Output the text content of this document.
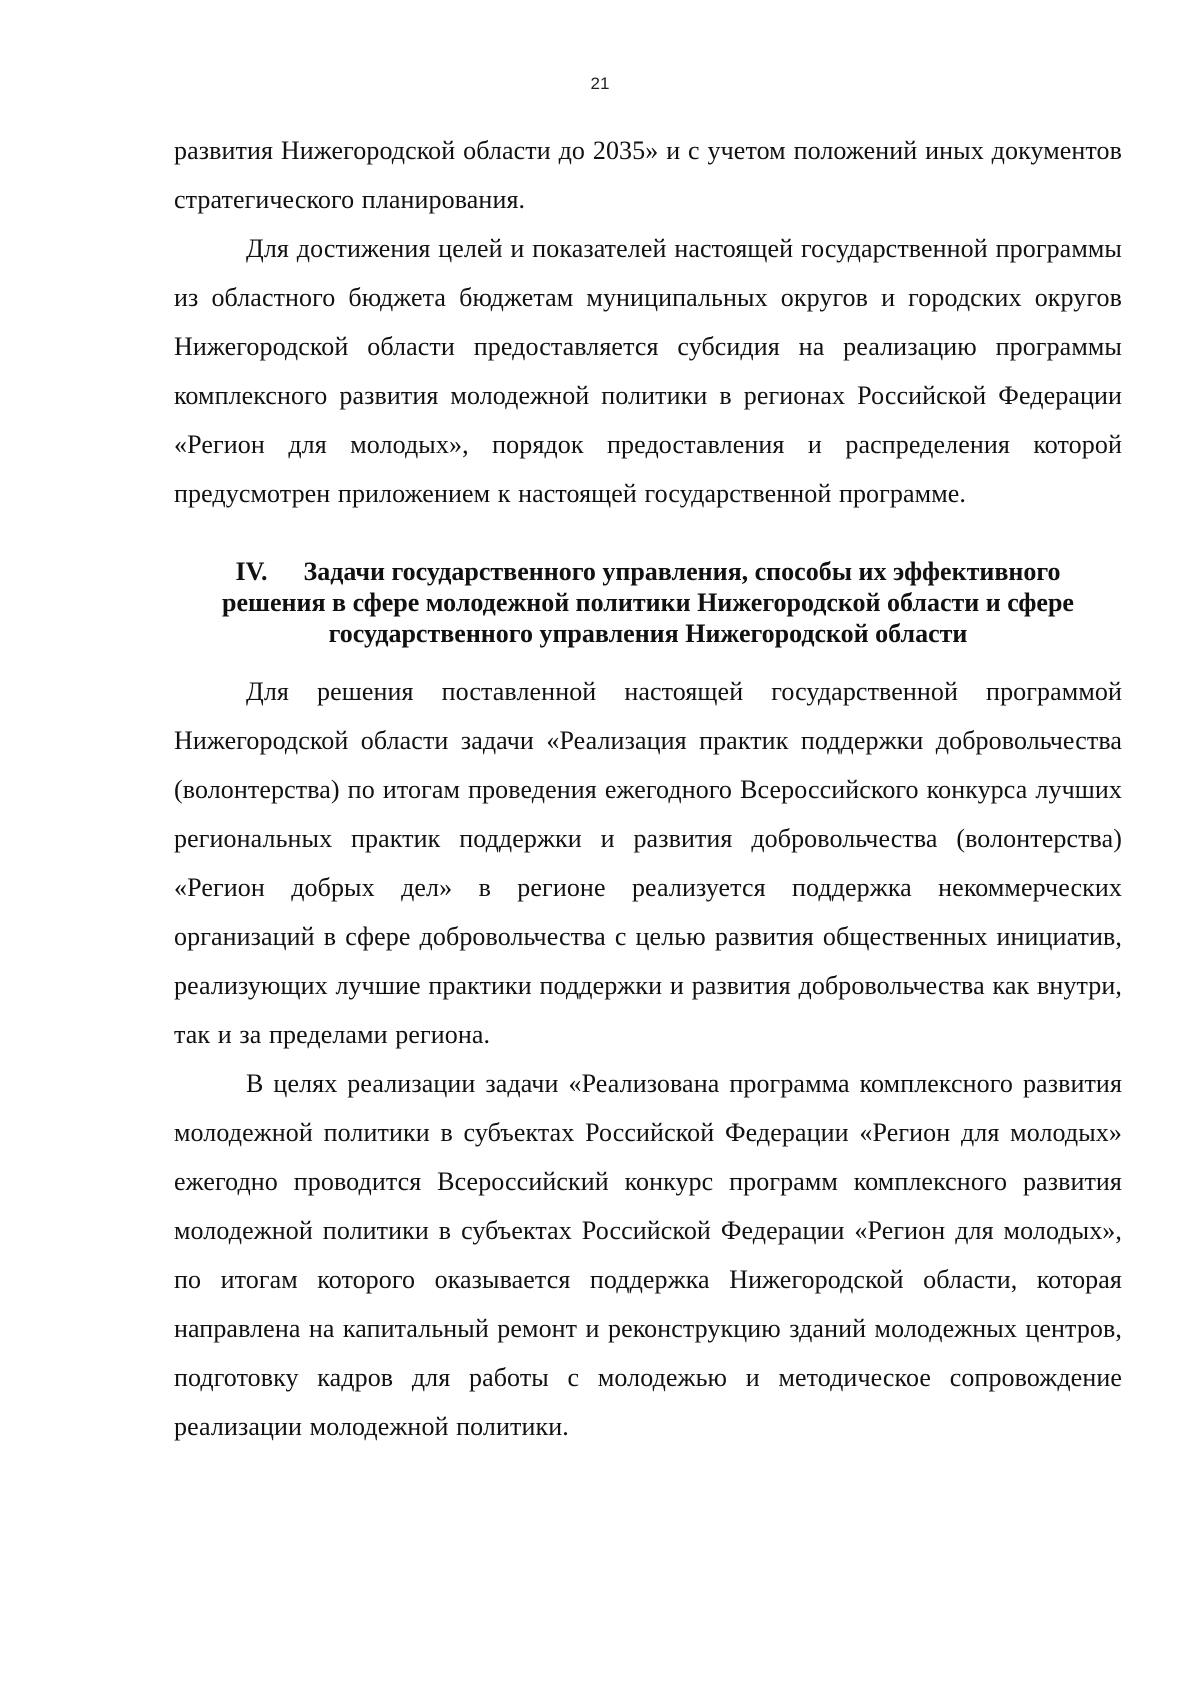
21

развития Нижегородской области до 2035» и с учетом положений иных документов стратегического планирования.

Для достижения целей и показателей настоящей государственной программы из областного бюджета бюджетам муниципальных округов и городских округов Нижегородской области предоставляется субсидия на реализацию программы комплексного развития молодежной политики в регионах Российской Федерации «Регион для молодых», порядок предоставления и распределения которой предусмотрен приложением к настоящей государственной программе.

IV. Задачи государственного управления, способы их эффективного
решения в сфере молодежной политики Нижегородской области и сфере
государственного управления Нижегородской области

Для решения поставленной настоящей государственной программой Нижегородской области задачи «Реализация практик поддержки добровольчества (волонтерства) по итогам проведения ежегодного Всероссийского конкурса лучших региональных практик поддержки и развития добровольчества (волонтерства) «Регион добрых дел» в регионе реализуется поддержка некоммерческих организаций в сфере добровольчества с целью развития общественных инициатив, реализующих лучшие практики поддержки и развития добровольчества как внутри, так и за пределами региона.

В целях реализации задачи «Реализована программа комплексного развития молодежной политики в субъектах Российской Федерации «Регион для молодых» ежегодно проводится Всероссийский конкурс программ комплексного развития молодежной политики в субъектах Российской Федерации «Регион для молодых», по итогам которого оказывается поддержка Нижегородской области, которая направлена на капитальный ремонт и реконструкцию зданий молодежных центров, подготовку кадров для работы с молодежью и методическое сопровождение реализации молодежной политики.
